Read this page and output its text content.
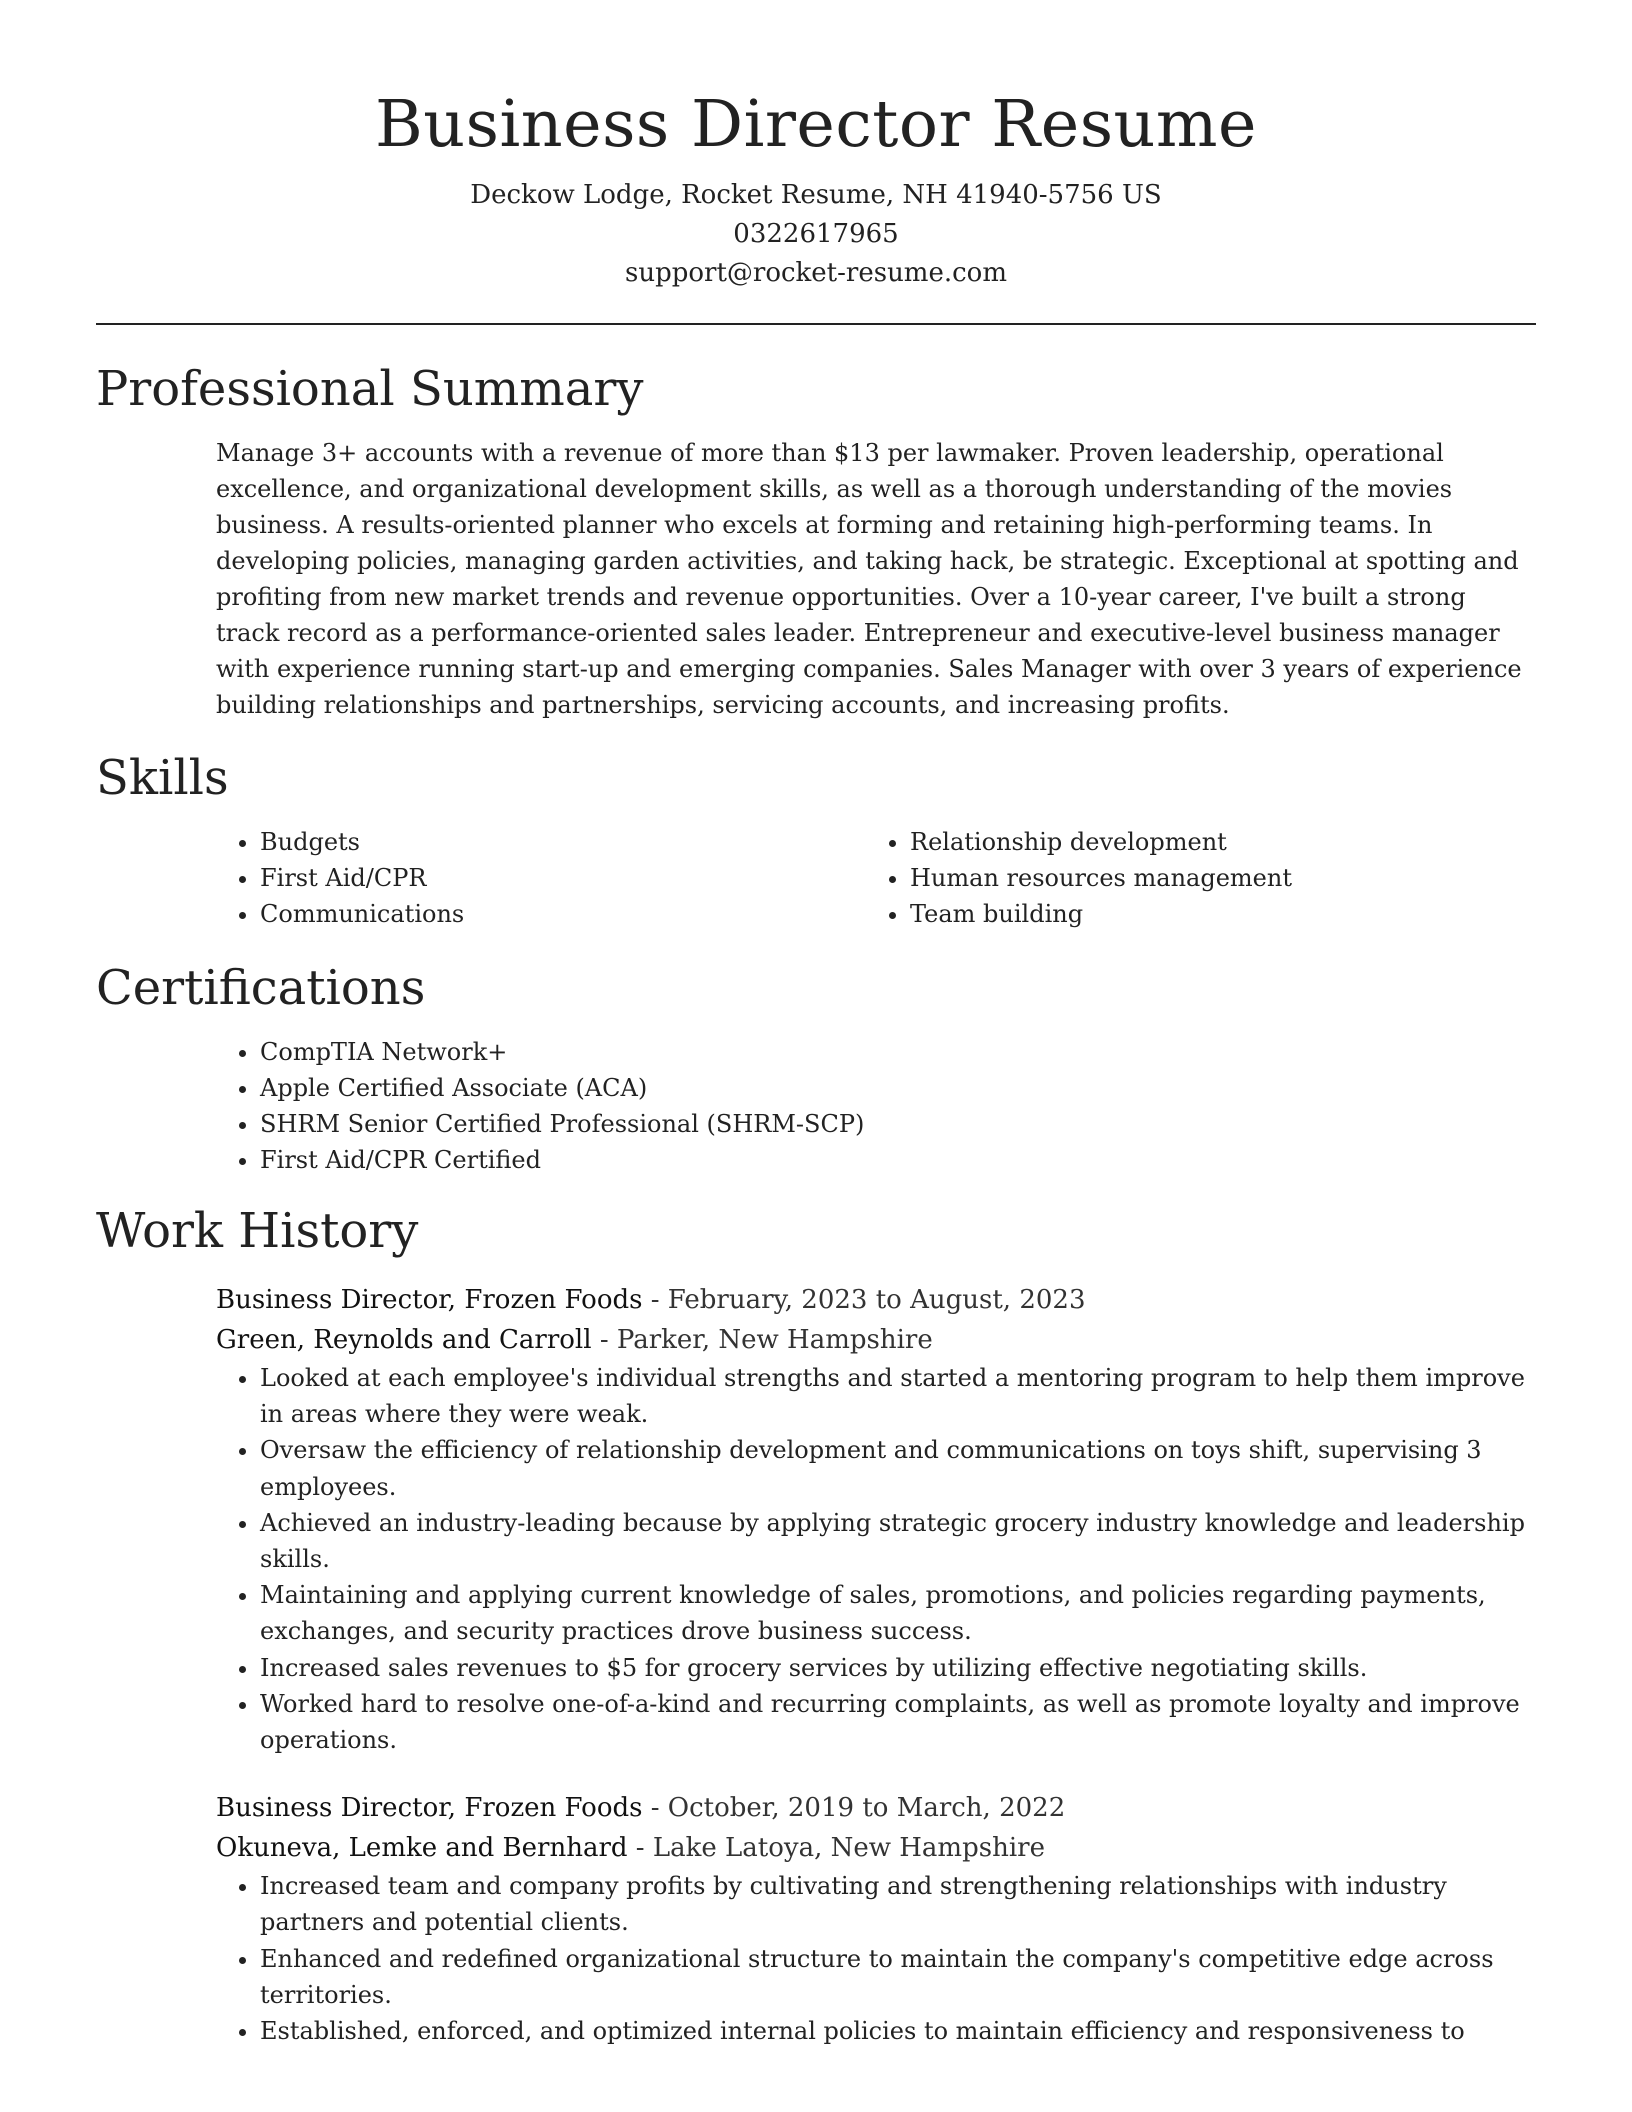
Business Director Resume

Deckow Lodge, Rocket Resume, NH 41940-5756 US

0322617965

support@rocket-resume.com

Professional Summary

Manage 3+ accounts with a revenue of more than $13 per lawmaker. Proven leadership, operational excellence, and organizational development skills, as well as a thorough understanding of the movies business. A results-oriented planner who excels at forming and retaining high-performing teams. In developing policies, managing garden activities, and taking hack, be strategic. Exceptional at spotting and profiting from new market trends and revenue opportunities. Over a 10-year career, I've built a strong track record as a performance-oriented sales leader. Entrepreneur and executive-level business manager with experience running start-up and emerging companies. Sales Manager with over 3 years of experience building relationships and partnerships, servicing accounts, and increasing profits.

Skills
• Budgets
• First Aid/CPR
• Communications
• Relationship development
• Human resources management
• Team building
Certifications
• CompTIA Network+
• Apple Certified Associate (ACA)
• SHRM Senior Certified Professional (SHRM-SCP)
• First Aid/CPR Certified
Work History

Business Director, Frozen Foods - February, 2023 to August, 2023

Green, Reynolds and Carroll - Parker, New Hampshire

• Looked at each employee's individual strengths and started a mentoring program to help them improve in areas where they were weak.
• Oversaw the efficiency of relationship development and communications on toys shift, supervising 3 employees.
• Achieved an industry-leading because by applying strategic grocery industry knowledge and leadership skills.
• Maintaining and applying current knowledge of sales, promotions, and policies regarding payments, exchanges, and security practices drove business success.
• Increased sales revenues to $5 for grocery services by utilizing effective negotiating skills.
• Worked hard to resolve one-of-a-kind and recurring complaints, as well as promote loyalty and improve operations.

Business Director, Frozen Foods - October, 2019 to March, 2022

Okuneva, Lemke and Bernhard - Lake Latoya, New Hampshire

• Increased team and company profits by cultivating and strengthening relationships with industry partners and potential clients.
• Enhanced and redefined organizational structure to maintain the company's competitive edge across territories.
• Established, enforced, and optimized internal policies to maintain efficiency and responsiveness to
